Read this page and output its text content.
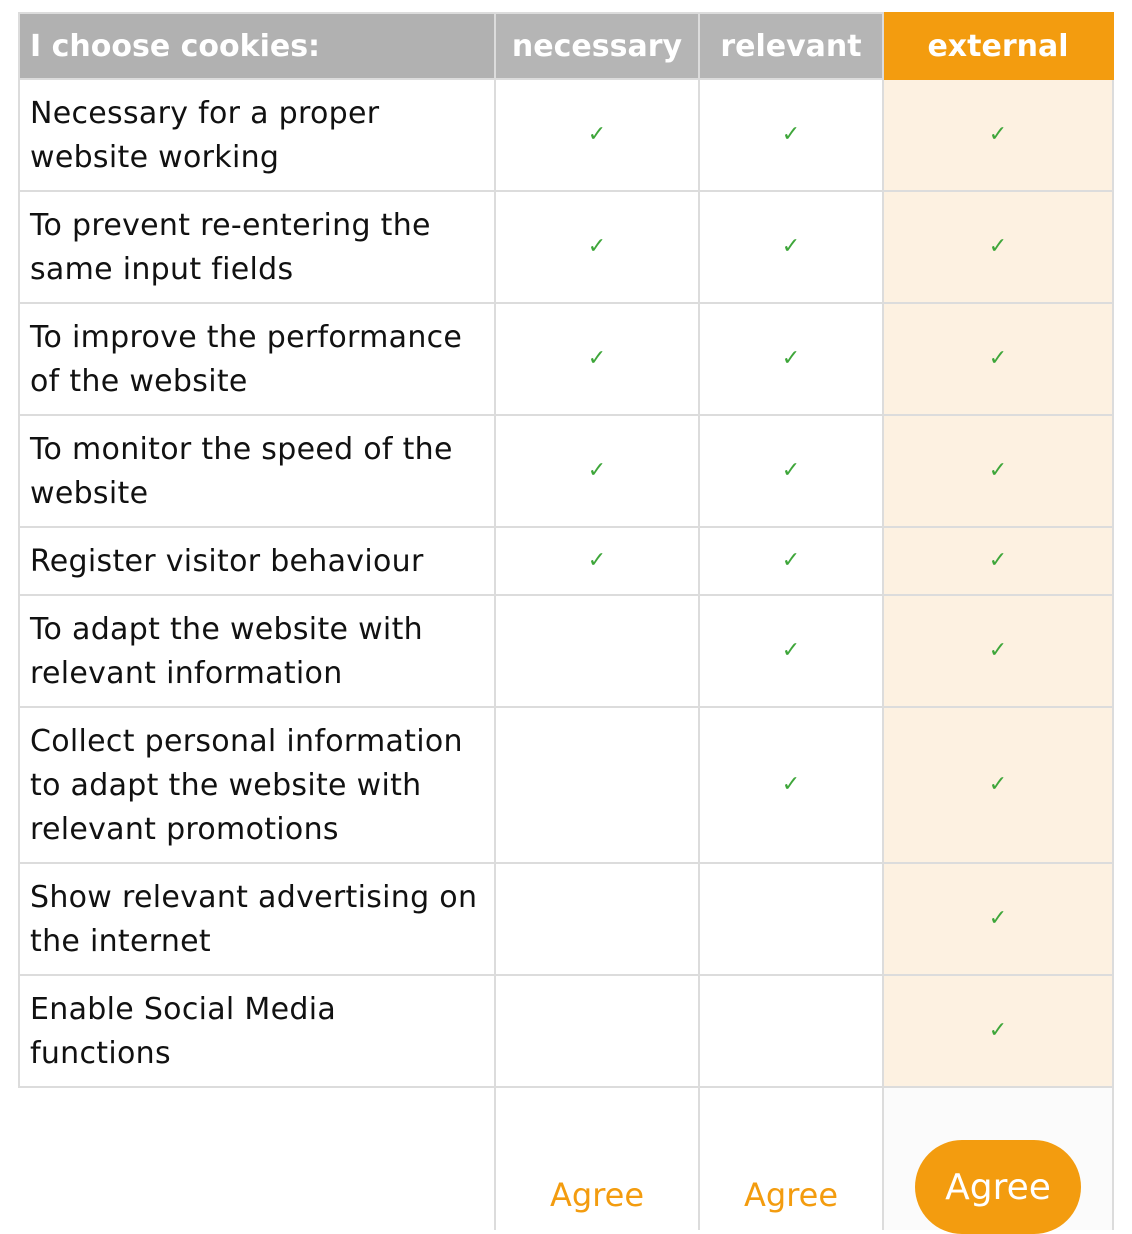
I choose cookies:	necessary	relevant	external
Necessary for a proper website working	✓	✓	✓
To prevent re-entering the same input fields	✓	✓	✓
To improve the performance of the website	✓	✓	✓
To monitor the speed of the website	✓	✓	✓
Register visitor behaviour	✓	✓	✓
To adapt the website with relevant information		✓	✓
Collect personal information to adapt the website with relevant promotions		✓	✓
Show relevant advertising on the internet			✓
Enable Social Media functions			✓
	Agree	Agree	Agree
